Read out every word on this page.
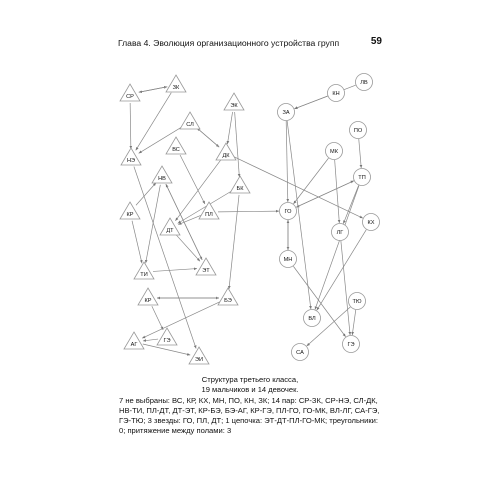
Глава 4. Эволюция организационного устройства групп	59
СР
ЗК
ЭК
СЛ
ВС
ДК
НЭ
НВ
БК
КР	ПЛ
ДТ
ТИ
ЭТ
КР	БЭ
ГЭ
АГ
ЭИ
ЛВ
КН
ЗА
ПО
МК
ТП
ГО
КХ
ЛГ
МН
ТЮ
ВЛ
ГЭ
СА
Структура третьего класса,
19 мальчиков и 14 девочек.
7 не выбраны: ВС, КР, КХ, МН, ПО, КН, ЗК; 14 пар: СР-ЗК, СР-НЭ, СЛ-ДК, НВ-ТИ, ПЛ-ДТ, ДТ-ЭТ, КР-БЭ, БЭ-АГ, КР-ГЭ, ПЛ-ГО, ГО-МК, ВЛ-ЛГ, СА-ГЭ, ГЭ-ТЮ; 3 звезды: ГО, ПЛ, ДТ; 1 цепочка: ЭТ-ДТ-ПЛ-ГО-МК; треугольники: 0; притяжение между полами: 3
